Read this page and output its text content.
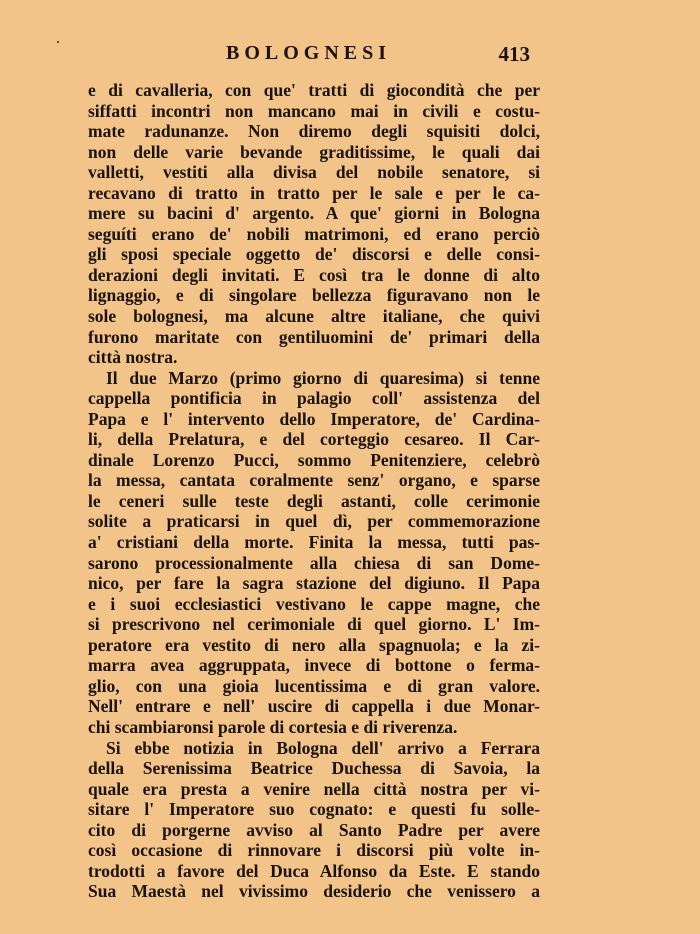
BOLOGNESI	413
e di cavalleria, con que' tratti di giocondità che per
siffatti incontri non mancano mai in civili e costu-
mate radunanze. Non diremo degli squisiti dolci,
non delle varie bevande graditissime, le quali dai
valletti, vestiti alla divisa del nobile senatore, si
recavano di tratto in tratto per le sale e per le ca-
mere su bacini d' argento. A que' giorni in Bologna
seguíti erano de' nobili matrimoni, ed erano perciò
gli sposi speciale oggetto de' discorsi e delle consi-
derazioni degli invitati. E così tra le donne di alto
lignaggio, e di singolare bellezza figuravano non le
sole bolognesi, ma alcune altre italiane, che quivi
furono maritate con gentiluomini de' primari della
città nostra.
Il due Marzo (primo giorno di quaresima) si tenne
cappella pontificia in palagio coll' assistenza del
Papa e l' intervento dello Imperatore, de' Cardina-
li, della Prelatura, e del corteggio cesareo. Il Car-
dinale Lorenzo Pucci, sommo Penitenziere, celebrò
la messa, cantata coralmente senz' organo, e sparse
le ceneri sulle teste degli astanti, colle cerimonie
solite a praticarsi in quel dì, per commemorazione
a' cristiani della morte. Finita la messa, tutti pas-
sarono processionalmente alla chiesa di san Dome-
nico, per fare la sagra stazione del digiuno. Il Papa
e i suoi ecclesiastici vestivano le cappe magne, che
si prescrivono nel cerimoniale di quel giorno. L' Im-
peratore era vestito di nero alla spagnuola; e la zi-
marra avea aggruppata, invece di bottone o ferma-
glio, con una gioia lucentissima e di gran valore.
Nell' entrare e nell' uscire di cappella i due Monar-
chi scambiaronsi parole di cortesia e di riverenza.
Si ebbe notizia in Bologna dell' arrivo a Ferrara
della Serenissima Beatrice Duchessa di Savoia, la
quale era presta a venire nella città nostra per vi-
sitare l' Imperatore suo cognato: e questi fu solle-
cito di porgerne avviso al Santo Padre per avere
così occasione di rinnovare i discorsi più volte in-
trodotti a favore del Duca Alfonso da Este. E stando
Sua Maestà nel vivissimo desiderio che venissero a
